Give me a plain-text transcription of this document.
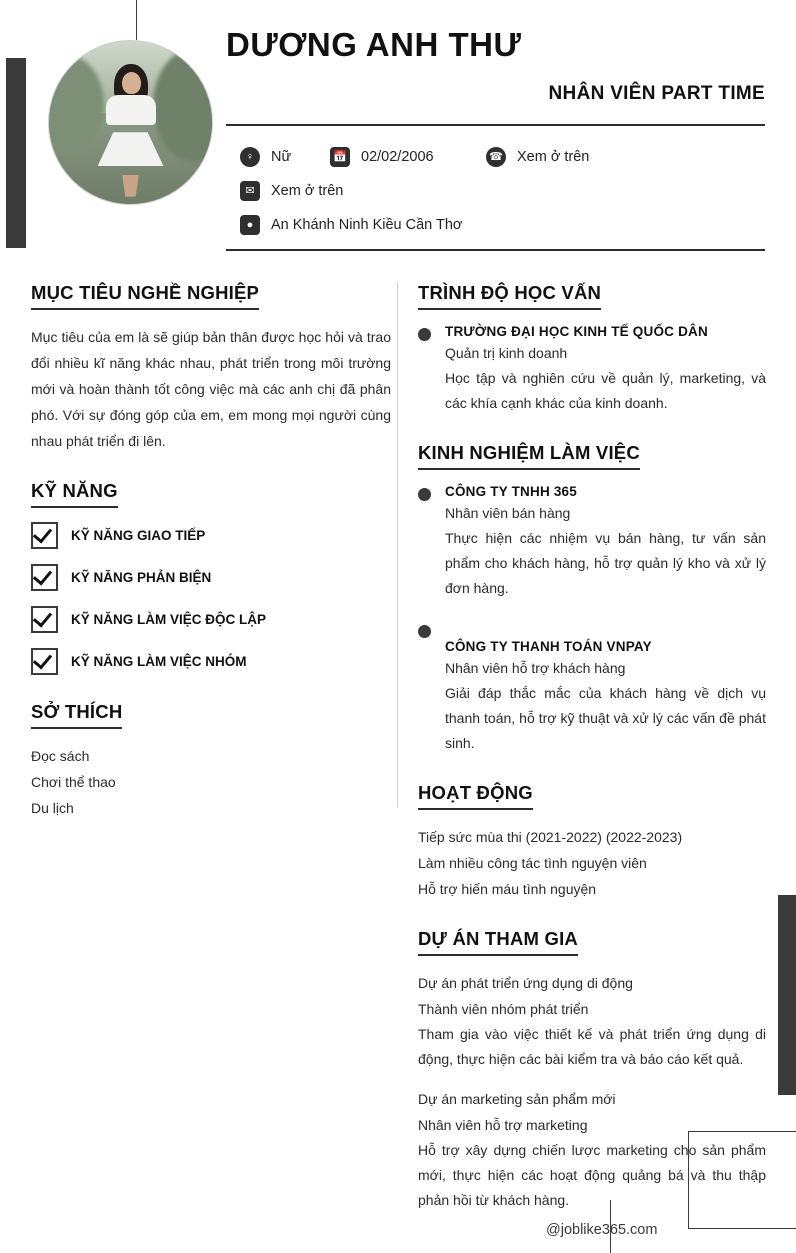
DƯƠNG ANH THƯ
NHÂN VIÊN PART TIME
♀	Nữ	📅 02/02/2006	☎ Xem ở trên
✉	Xem ở trên
●	An Khánh Ninh Kiều Cần Thơ
MỤC TIÊU NGHỀ NGHIỆP

Mục tiêu của em là sẽ giúp bản thân được học hỏi và trao đổi nhiều kĩ năng khác nhau, phát triển trong môi trường mới và hoàn thành tốt công việc mà các anh chị đã phân phó. Với sự đóng góp của em, em mong mọi người cùng nhau phát triển đi lên.

KỸ NĂNG
KỸ NĂNG GIAO TIẾP
KỸ NĂNG PHẢN BIỆN
KỸ NĂNG LÀM VIỆC ĐỘC LẬP
KỸ NĂNG LÀM VIỆC NHÓM
SỞ THÍCH
Đọc sách
Chơi thể thao
Du lịch
TRÌNH ĐỘ HỌC VẤN
TRƯỜNG ĐẠI HỌC KINH TẾ QUỐC DÂN
Quản trị kinh doanh
Học tập và nghiên cứu về quản lý, marketing, và các khía cạnh khác của kinh doanh.
KINH NGHIỆM LÀM VIỆC
CÔNG TY TNHH 365
Nhân viên bán hàng
Thực hiện các nhiệm vụ bán hàng, tư vấn sản phẩm cho khách hàng, hỗ trợ quản lý kho và xử lý đơn hàng.
CÔNG TY THANH TOÁN VNPAY
Nhân viên hỗ trợ khách hàng
Giải đáp thắc mắc của khách hàng về dịch vụ thanh toán, hỗ trợ kỹ thuật và xử lý các vấn đề phát sinh.
HOẠT ĐỘNG
Tiếp sức mùa thi (2021-2022) (2022-2023)
Làm nhiều công tác tình nguyện viên
Hỗ trợ hiến máu tình nguyện
DỰ ÁN THAM GIA
Dự án phát triển ứng dụng di động
Thành viên nhóm phát triển
Tham gia vào việc thiết kế và phát triển ứng dụng di động, thực hiện các bài kiểm tra và báo cáo kết quả.
Dự án marketing sản phẩm mới
Nhân viên hỗ trợ marketing
Hỗ trợ xây dựng chiến lược marketing cho sản phẩm mới, thực hiện các hoạt động quảng bá và thu thập phản hồi từ khách hàng.
@joblike365.com
